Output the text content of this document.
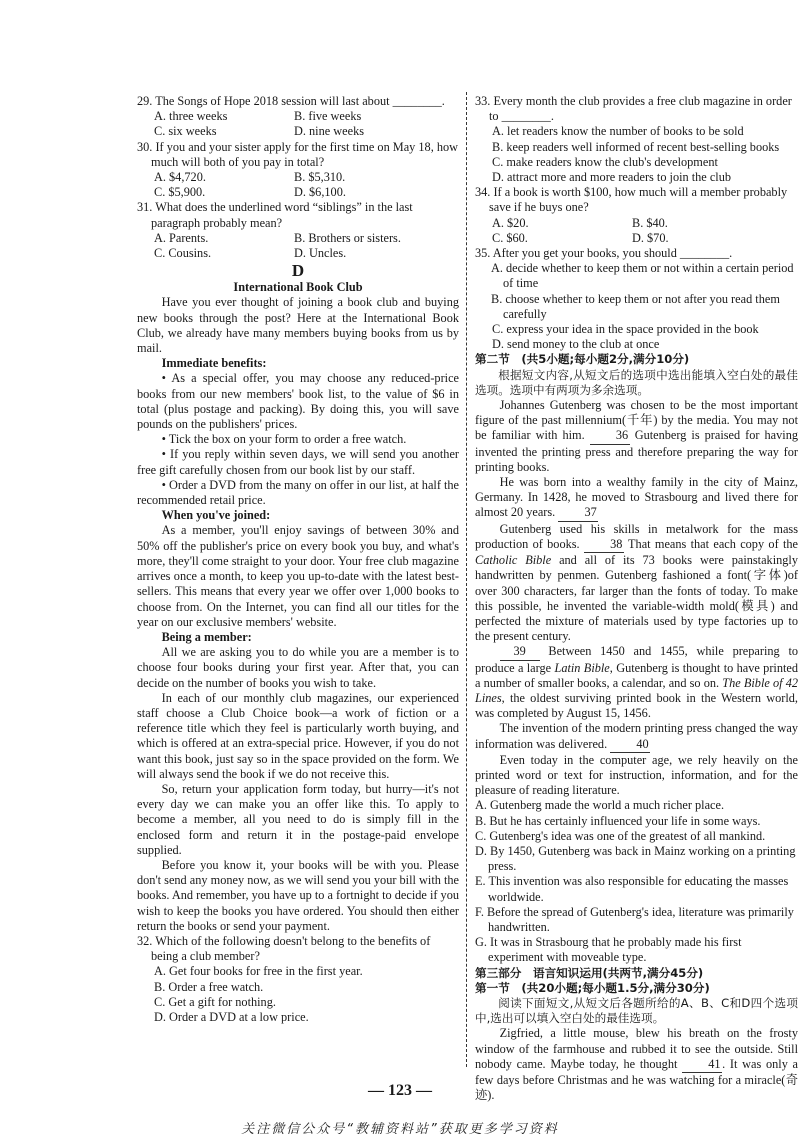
29. The Songs of Hope 2018 session will last about ________.
A. three weeks	B. five weeks
C. six weeks	D. nine weeks
30. If you and your sister apply for the first time on May 18, how much will both of you pay in total?
A. $4,720.	B. $5,310.
C. $5,900.	D. $6,100.
31. What does the underlined word “siblings” in the last paragraph probably mean?
A. Parents.	B. Brothers or sisters.
C. Cousins.	D. Uncles.
D
International Book Club

Have you ever thought of joining a book club and buying new books through the post? Here at the International Book Club, we already have many members buying books from us by mail.

Immediate benefits:

• As a special offer, you may choose any reduced-price books from our new members' book list, to the value of $6 in total (plus postage and packing). By doing this, you will save pounds on the publishers' prices.

• Tick the box on your form to order a free watch.

• If you reply within seven days, we will send you another free gift carefully chosen from our book list by our staff.

• Order a DVD from the many on offer in our list, at half the recommended retail price.

When you've joined:

As a member, you'll enjoy savings of between 30% and 50% off the publisher's price on every book you buy, and what's more, they'll come straight to your door. Your free club magazine arrives once a month, to keep you up-to-date with the latest best-sellers. This means that every year we offer over 1,000 books to choose from. On the Internet, you can find all our titles for the year on our exclusive members' website.

Being a member:

All we are asking you to do while you are a member is to choose four books during your first year. After that, you can decide on the number of books you wish to take.

In each of our monthly club magazines, our experienced staff choose a Club Choice book—a work of fiction or a reference title which they feel is particularly worth buying, and which is offered at an extra-special price. However, if you do not want this book, just say so in the space provided on the form. We will always send the book if we do not receive this.

So, return your application form today, but hurry—it's not every day we can make you an offer like this. To apply to become a member, all you need to do is simply fill in the enclosed form and return it in the postage-paid envelope supplied.

Before you know it, your books will be with you. Please don't send any money now, as we will send you your bill with the books. And remember, you have up to a fortnight to decide if you wish to keep the books you have ordered. You should then either return the books or send your payment.

32. Which of the following doesn't belong to the benefits of being a club member?
A. Get four books for free in the first year.
B. Order a free watch.
C. Get a gift for nothing.
D. Order a DVD at a low price.
33. Every month the club provides a free club magazine in order to ________.
A. let readers know the number of books to be sold
B. keep readers well informed of recent best-selling books
C. make readers know the club's development
D. attract more and more readers to join the club
34. If a book is worth $100, how much will a member probably save if he buys one?
A. $20.	B. $40.
C. $60.	D. $70.
35. After you get your books, you should ________.
A. decide whether to keep them or not within a certain period of time
B. choose whether to keep them or not after you read them carefully
C. express your idea in the space provided in the book
D. send money to the club at once
第二节　(共5小题;每小题2分,满分10分)

根据短文内容,从短文后的选项中选出能填入空白处的最佳选项。选项中有两项为多余选项。

Johannes Gutenberg was chosen to be the most important figure of the past millennium(千年) by the media. You may not be familiar with him.	36 Gutenberg is praised for having invented the printing press and therefore preparing the way for printing books.

He was born into a wealthy family in the city of Mainz, Germany. In 1428, he moved to Strasbourg and lived there for almost 20 years. 37

Gutenberg used his skills in metalwork for the mass production of books. 38 That means that each copy of the Catholic Bible and all of its 73 books were painstakingly handwritten by penmen. Gutenberg fashioned a font(字体)of over 300 characters, far larger than the fonts of today. To make this possible, he invented the variable-width mold(模具) and perfected the mixture of materials used by type factories up to the present century.

39 Between 1450 and 1455, while preparing to produce a large Latin Bible, Gutenberg is thought to have printed a number of smaller books, a calendar, and so on. The Bible of 42 Lines, the oldest surviving printed book in the Western world, was completed by August 15, 1456.

The invention of the modern printing press changed the way information was delivered. 40

Even today in the computer age, we rely heavily on the printed word or text for instruction, information, and for the pleasure of reading literature.

A. Gutenberg made the world a much richer place.
B. But he has certainly influenced your life in some ways.
C. Gutenberg's idea was one of the greatest of all mankind.
D. By 1450, Gutenberg was back in Mainz working on a printing press.
E. This invention was also responsible for educating the masses worldwide.
F. Before the spread of Gutenberg's idea, literature was primarily handwritten.
G. It was in Strasbourg that he probably made his first experiment with moveable type.
第三部分　语言知识运用(共两节,满分45分)
第一节　(共20小题;每小题1.5分,满分30分)

阅读下面短文,从短文后各题所给的A、B、C和D四个选项中,选出可以填入空白处的最佳选项。

Zigfried, a little mouse, blew his breath on the frosty window of the farmhouse and rubbed it to see the outside. Still nobody came. Maybe today, he thought	41 . It was only a few days before Christmas and he was watching for a miracle(奇迹).

— 123 —
关注微信公众号“教辅资料站”获取更多学习资料
